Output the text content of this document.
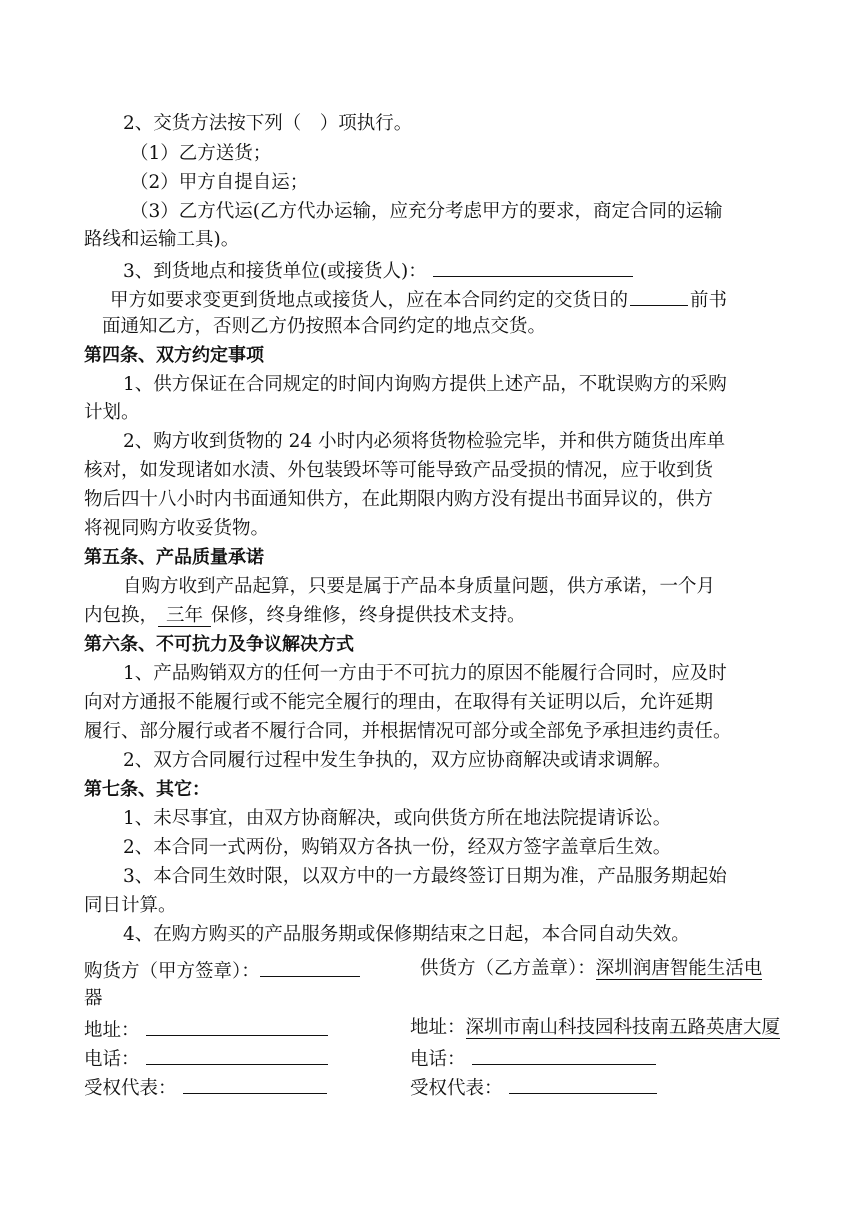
2、交货方法按下列（　）项执行。
（1）乙方送货；
（2）甲方自提自运；
（3）乙方代运(乙方代办运输，应充分考虑甲方的要求，商定合同的运输
路线和运输工具)。
3、到货地点和接货单位(或接货人)：
甲方如要求变更到货地点或接货人，应在本合同约定的交货日的	前书
面通知乙方，否则乙方仍按照本合同约定的地点交货。
第四条、双方约定事项
1、供方保证在合同规定的时间内询购方提供上述产品，不耽误购方的采购
计划。
2、购方收到货物的 24 小时内必须将货物检验完毕，并和供方随货出库单
核对，如发现诸如水渍、外包装毁坏等可能导致产品受损的情况，应于收到货
物后四十八小时内书面通知供方，在此期限内购方没有提出书面异议的，供方
将视同购方收妥货物。
第五条、产品质量承诺
自购方收到产品起算，只要是属于产品本身质量问题，供方承诺，一个月
内包换， 三年 保修，终身维修，终身提供技术支持。
第六条、不可抗力及争议解决方式
1、产品购销双方的任何一方由于不可抗力的原因不能履行合同时，应及时
向对方通报不能履行或不能完全履行的理由，在取得有关证明以后，允许延期
履行、部分履行或者不履行合同，并根据情况可部分或全部免予承担违约责任。
2、双方合同履行过程中发生争执的，双方应协商解决或请求调解。
第七条、其它：
1、未尽事宜，由双方协商解决，或向供货方所在地法院提请诉讼。
2、本合同一式两份，购销双方各执一份，经双方签字盖章后生效。
3、本合同生效时限，以双方中的一方最终签订日期为准，产品服务期起始
同日计算。
4、在购方购买的产品服务期或保修期结束之日起，本合同自动失效。
购货方（甲方签章）：	供货方（乙方盖章）：深圳润唐智能生活电
器
地址：	地址：深圳市南山科技园科技南五路英唐大厦
电话：	电话：
受权代表：	受权代表：
